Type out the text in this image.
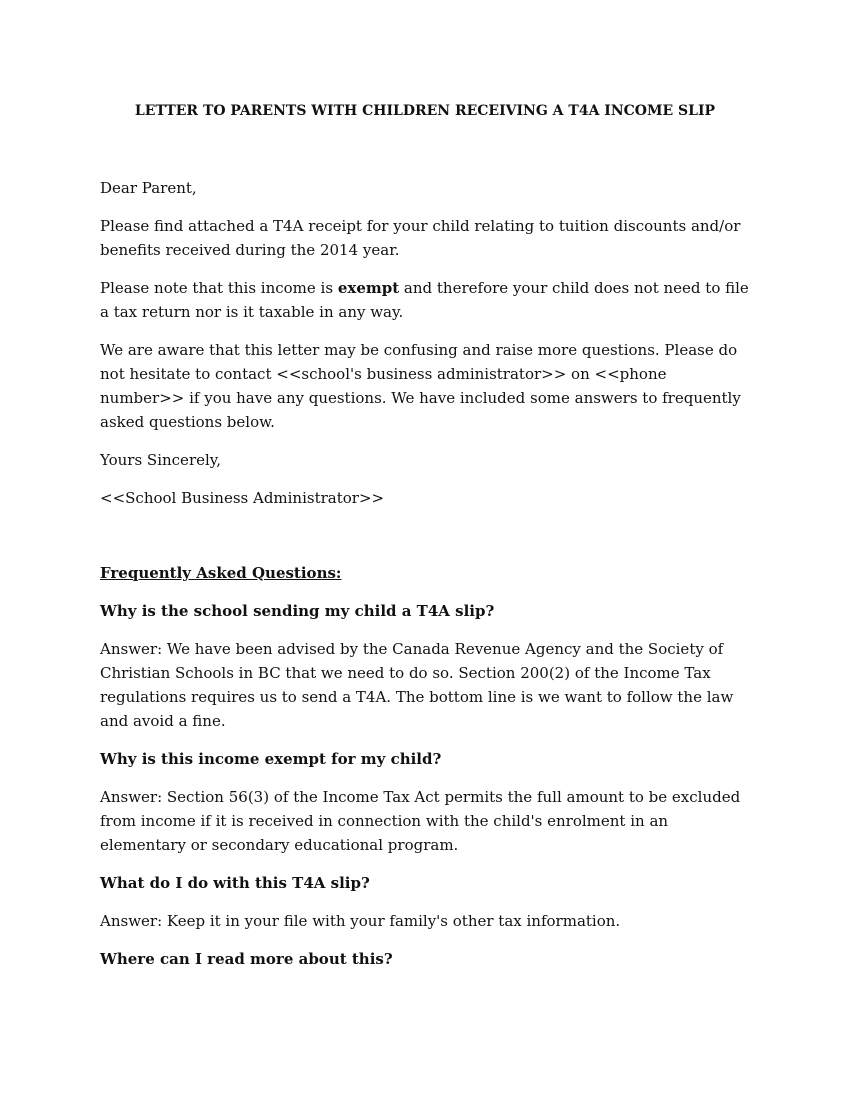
LETTER TO PARENTS WITH CHILDREN RECEIVING A T4A INCOME SLIP

Dear Parent,

Please find attached a T4A receipt for your child relating to tuition discounts and/or benefits received during the 2014 year.

Please note that this income is exempt and therefore your child does not need to file a tax return nor is it taxable in any way.

We are aware that this letter may be confusing and raise more questions. Please do not hesitate to contact <<school's business administrator>> on <<phone number>> if you have any questions. We have included some answers to frequently asked questions below.

Yours Sincerely,

<<School Business Administrator>>

Frequently Asked Questions:

Why is the school sending my child a T4A slip?

Answer: We have been advised by the Canada Revenue Agency and the Society of Christian Schools in BC that we need to do so. Section 200(2) of the Income Tax regulations requires us to send a T4A. The bottom line is we want to follow the law and avoid a fine.

Why is this income exempt for my child?

Answer: Section 56(3) of the Income Tax Act permits the full amount to be excluded from income if it is received in connection with the child's enrolment in an elementary or secondary educational program.

What do I do with this T4A slip?

Answer: Keep it in your file with your family's other tax information.

Where can I read more about this?
